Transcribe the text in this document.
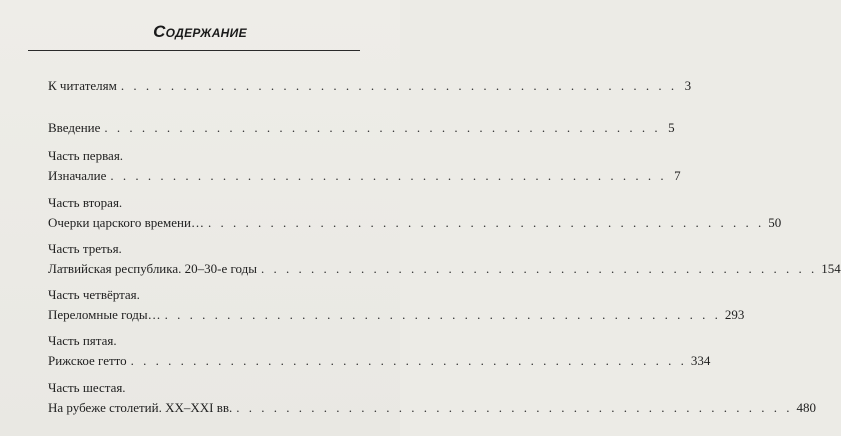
Содержание
К читателям . . . . . . . . . . . . . . . . . . . . . . . . . . . . . . . . . . . . . . . . . . . . . 3
Введение . . . . . . . . . . . . . . . . . . . . . . . . . . . . . . . . . . . . . . . . . . . . . 5
Часть первая.
Изначалие . . . . . . . . . . . . . . . . . . . . . . . . . . . . . . . . . . . . . . . . . . . . . 7
Часть вторая.
Очерки царского времени… . . . . . . . . . . . . . . . . . . . . . . . . . . . . . . . . . . . . . . . . . . . . . 50
Часть третья.
Латвийская республика. 20–30-е годы . . . . . . . . . . . . . . . . . . . . . . . . . . . . . . . . . . . . . . . . . . . . . 154
Часть четвёртая.
Переломные годы… . . . . . . . . . . . . . . . . . . . . . . . . . . . . . . . . . . . . . . . . . . . . . 293
Часть пятая.
Рижское гетто . . . . . . . . . . . . . . . . . . . . . . . . . . . . . . . . . . . . . . . . . . . . . 334
Часть шестая.
На рубеже столетий. XX–XXI вв. . . . . . . . . . . . . . . . . . . . . . . . . . . . . . . . . . . . . . . . . . . . . . 480
